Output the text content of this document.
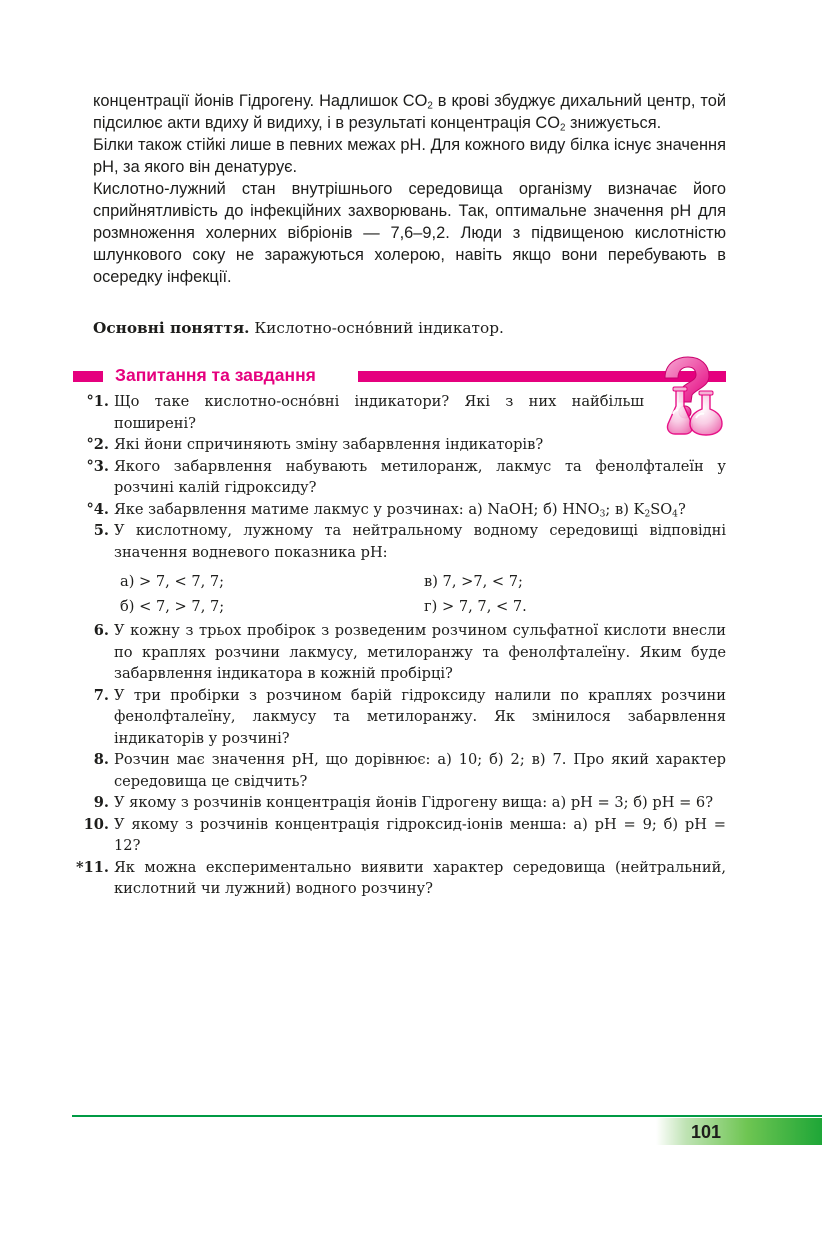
концентрації йонів Гідрогену. Надлишок $CO_2$ в крові збуджує дихальний центр, той підсилює акти вдиху й видиху, і в результаті концентрація $CO_2$ знижується.

Білки також стійкі лише в певних межах pH. Для кожного виду білка існує значення pH, за якого він денатурує.

Кислотно-лужний стан внутрішнього середовища організму визначає його сприйнятливість до інфекційних захворювань. Так, оптимальне значення pH для розмноження холерних вібріонів — 7,6–9,2. Люди з підвищеною кислотністю шлункового соку не заражуються холерою, навіть якщо вони перебувають в осередку інфекції.

Основні поняття. Кислотно-осно́вний індикатор.
Запитання та завдання
°1. Що таке кислотно-осно́вні індикатори? Які з них найбільш поширені?
°2. Які йони спричиняють зміну забарвлення індикаторів?
°3. Якого забарвлення набувають метилоранж, лакмус та фенолфталеїн у розчині калій гідроксиду?
°4. Яке забарвлення матиме лакмус у розчинах: а) NaOH; б) $HNO_3$; в) $K_2SO_4$?
5. У кислотному, лужному та нейтральному водному середовищі відповідні значення водневого показника pH:
а) > 7, < 7, 7;	в) 7, >7, < 7;
б) < 7, > 7, 7;	г) > 7, 7, < 7.
6. У кожну з трьох пробірок з розведеним розчином сульфатної кислоти внесли по краплях розчини лакмусу, метилоранжу та фенолфталеїну. Яким буде забарвлення індикатора в кожній пробірці?
7. У три пробірки з розчином барій гідроксиду налили по краплях розчини фенолфталеїну, лакмусу та метилоранжу. Як змінилося забарвлення індикаторів у розчині?
8. Розчин має значення pH, що дорівнює: а) 10; б) 2; в) 7. Про який характер середовища це свідчить?
9. У якому з розчинів концентрація йонів Гідрогену вища: а) pH = 3; б) pH = 6?
10. У якому з розчинів концентрація гідроксид-іонів менша: а) pH = 9; б) pH = 12?
*11. Як можна експериментально виявити характер середовища (нейтральний, кислотний чи лужний) водного розчину?
101
